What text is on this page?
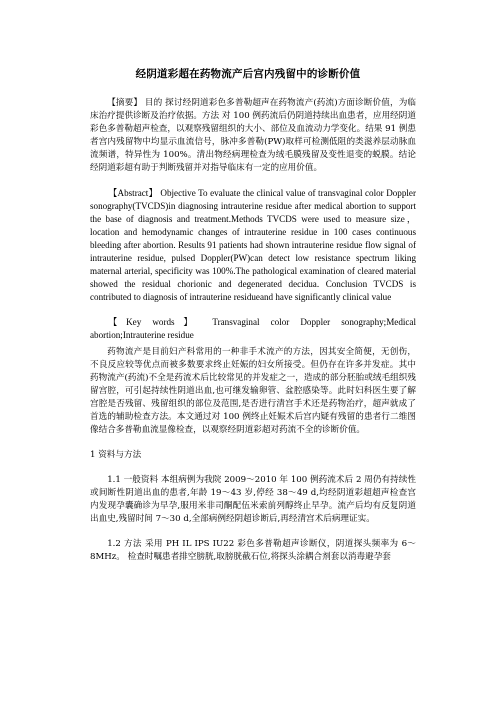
经阴道彩超在药物流产后宫内残留中的诊断价值

【摘要】 目的 探讨经阴道彩色多普勒超声在药物流产(药流)方面诊断价值，为临床治疗提供诊断及治疗依据。方法 对 100 例药流后仍阴道持续出血患者，应用经阴道彩色多普勒超声检查，以观察残留组织的大小、部位及血流动力学变化。结果 91 例患者宫内残留物中均显示血流信号，脉冲多普勒(PW)取样可检测低阻的类滋养层动脉血流频谱，特异性为 100%。清出物经病理检查为绒毛膜残留及变性退变的蜕膜。结论 经阴道彩超有助于判断残留并对指导临床有一定的应用价值。

【Abstract】 Objective To evaluate the clinical value of transvaginal color Doppler sonography(TVCDS)in diagnosing intrauterine residue after medical abortion to support the base of diagnosis and treatment.Methods TVCDS were used to measure size， location and hemodynamic changes of intrauterine residue in 100 cases continuous bleeding after abortion. Results 91 patients had shown intrauterine residue flow signal of intrauterine residue, pulsed Doppler(PW)can detect low resistance spectrum liking maternal arterial, specificity was 100%.The pathological examination of cleared material showed the residual chorionic and degenerated decidua. Conclusion TVCDS is contributed to diagnosis of intrauterine residueand have significantly clinical value

【Key words】 Transvaginal color Doppler sonography;Medical abortion;Intrauterine residue

药物流产是目前妇产科常用的一种非手术流产的方法，因其安全简便，无创伤，不良反应较等优点而被多数要求终止妊娠的妇女所接受。但仍存在许多并发症。其中药物流产(药流)不全是药流术后比较常见的并发症之一，造成的部分胚胎或绒毛组织残留宫腔，可引起持续性阴道出血,也可继发输卵管、盆腔感染等。此时妇科医生要了解宫腔是否残留、残留组织的部位及范围,是否进行清宫手术还是药物治疗，超声就成了首选的辅助检查方法。本文通过对 100 例终止妊娠术后宫内疑有残留的患者行二维图像结合多普勒血流显像检查，以观察经阴道彩超对药流不全的诊断价值。

1 资料与方法

1.1 一般资料 本组病例为我院 2009～2010 年 100 例药流术后 2 周仍有持续性或间断性阴道出血的患者,年龄 19～43 岁,停经 38～49 d,均经阴道彩超超声检查宫内发现孕囊确诊为早孕,服用米非司酮配伍米索前列醇终止早孕。流产后均有反复阴道出血史,残留时间 7～30 d,全部病例经阴超诊断后,再经清宫术后病理证实。

1.2 方法 采用 PH IL IPS IU22 彩色多普勒超声诊断仪，阴道探头频率为 6～8MHz。 检查时嘱患者排空膀胱,取膀胱截石位,将探头涂耦合剂套以消毒避孕套
